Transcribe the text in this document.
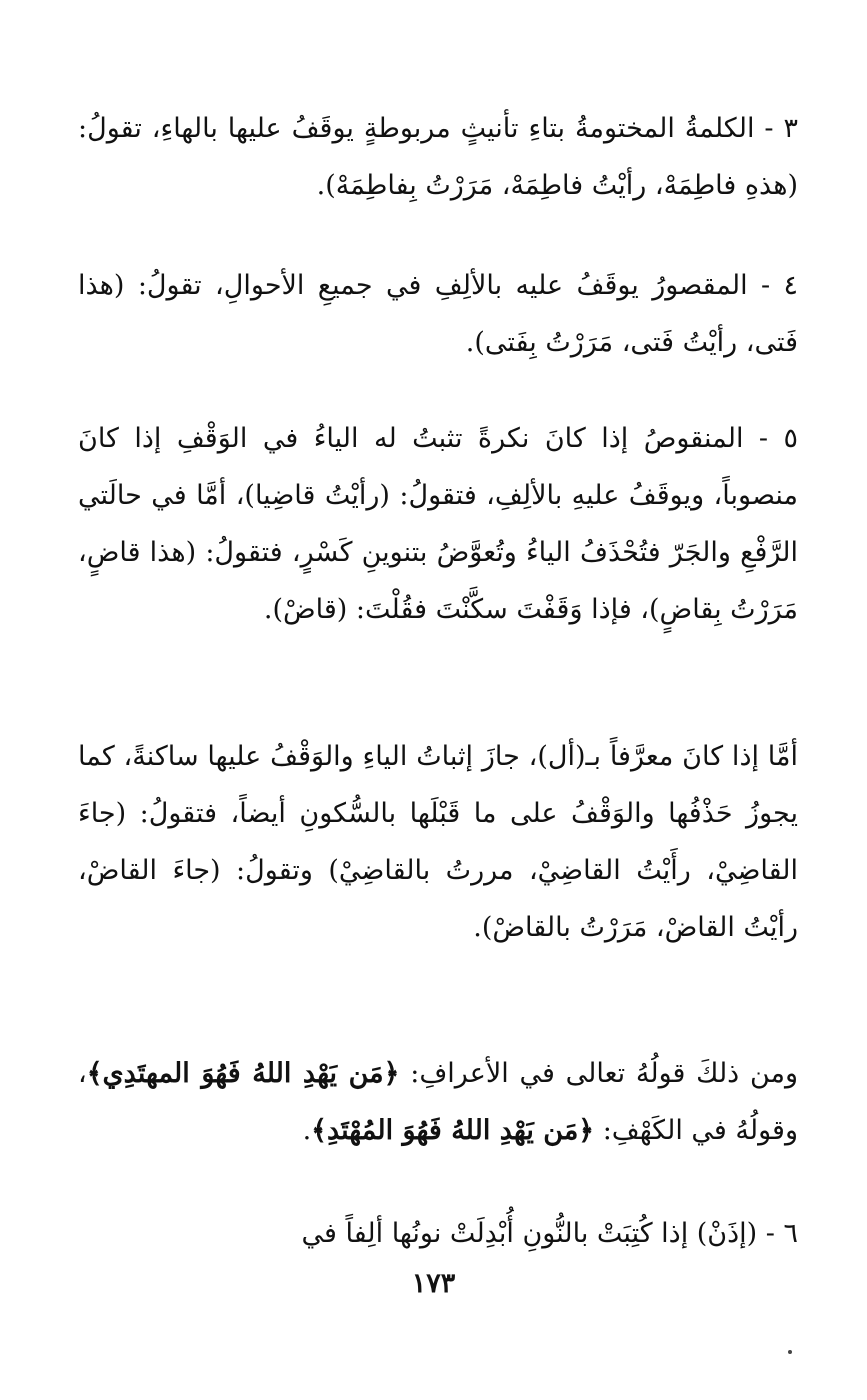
٣ - الكلمةُ المختومةُ بتاءِ تأنيثٍ مربوطةٍ يوقَفُ عليها بالهاءِ، تقولُ: (هذهِ فاطِمَهْ، رأيْتُ فاطِمَهْ، مَرَرْتُ بِفاطِمَهْ).

٤ - المقصورُ يوقَفُ عليه بالألِفِ في جميعِ الأحوالِ، تقولُ: (هذا فَتى، رأيْتُ فَتى، مَرَرْتُ بِفَتى).

٥ - المنقوصُ إذا كانَ نكرةً تثبتُ له الياءُ في الوَقْفِ إذا كانَ منصوباً، ويوقَفُ عليهِ بالألِفِ، فتقولُ: (رأيْتُ قاضِيا)، أمَّا في حالَتي الرَّفْعِ والجَرّ فتُحْذَفُ الياءُ وتُعوَّضُ بتنوينِ كَسْرٍ، فتقولُ: (هذا قاضٍ، مَرَرْتُ بِقاضٍ)، فإذا وَقَفْتَ سكَّنْتَ فقُلْتَ: (قاضْ).

أمَّا إذا كانَ معرَّفاً بـ(أل)، جازَ إثباتُ الياءِ والوَقْفُ عليها ساكنةً، كما يجوزُ حَذْفُها والوَقْفُ على ما قَبْلَها بالسُّكونِ أيضاً، فتقولُ: (جاءَ القاضِيْ، رأَيْتُ القاضِيْ، مررتُ بالقاضِيْ) وتقولُ: (جاءَ القاضْ، رأيْتُ القاضْ، مَرَرْتُ بالقاضْ).

ومن ذلكَ قولُهُ تعالى في الأعرافِ: ﴿مَن يَهْدِ اللهُ فَهُوَ المهتَدِي﴾، وقولُهُ في الكَهْفِ: ﴿مَن يَهْدِ اللهُ فَهُوَ المُهْتَدِ﴾.

٦ - (إذَنْ) إذا كُتِبَتْ بالنُّونِ أُبْدِلَتْ نونُها ألِفاً في

١٧٣
